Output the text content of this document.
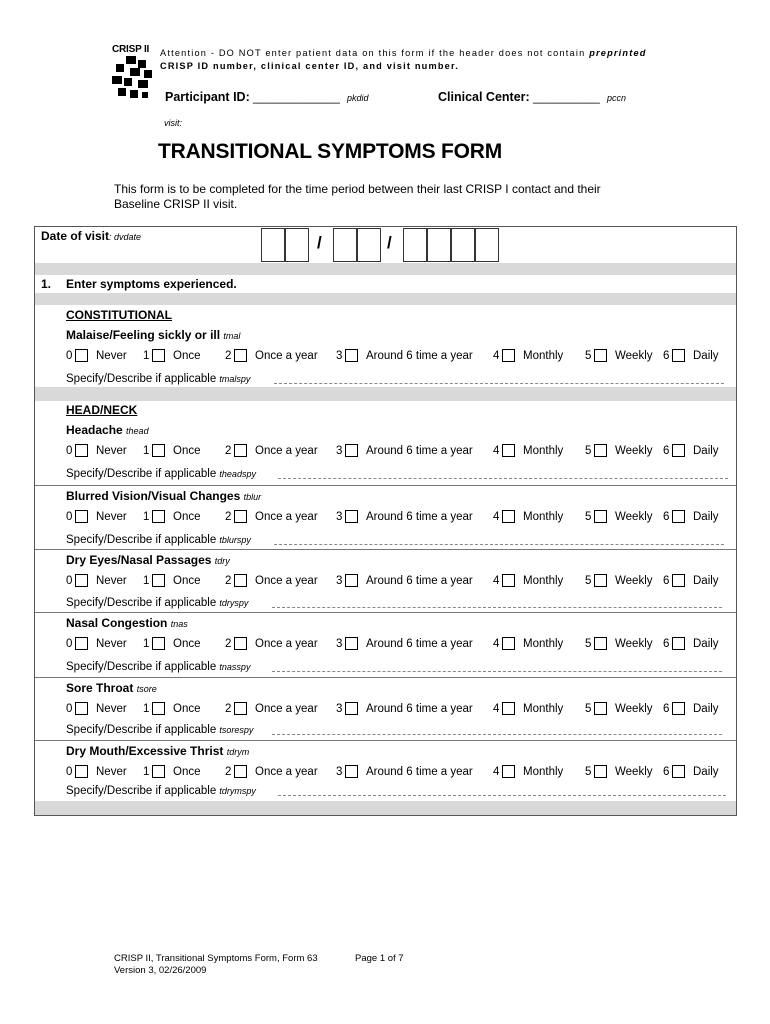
CRISP II Attention - DO NOT enter patient data on this form if the header does not contain preprinted CRISP ID number, clinical center ID, and visit number.
Participant ID: _____________ pkdid	Clinical Center: __________ pccn
visit:
TRANSITIONAL SYMPTOMS FORM
This form is to be completed for the time period between their last CRISP I contact and their Baseline CRISP II visit.
Date of visit: dvdate	/	/
1. Enter symptoms experienced.
CONSTITUTIONAL
Malaise/Feeling sickly or ill tmal
0 Never 1 Once 2 Once a year 3 Around 6 time a year 4 Monthly 5 Weekly 6 Daily
Specify/Describe if applicable tmalspy
HEAD/NECK
Headache thead
0 Never 1 Once 2 Once a year 3 Around 6 time a year 4 Monthly 5 Weekly 6 Daily
Specify/Describe if applicable theadspy
Blurred Vision/Visual Changes tblur
0 Never 1 Once 2 Once a year 3 Around 6 time a year 4 Monthly 5 Weekly 6 Daily
Specify/Describe if applicable tblurspy
Dry Eyes/Nasal Passages tdry
0 Never 1 Once 2 Once a year 3 Around 6 time a year 4 Monthly 5 Weekly 6 Daily
Specify/Describe if applicable tdryspy
Nasal Congestion tnas
0 Never 1 Once 2 Once a year 3 Around 6 time a year 4 Monthly 5 Weekly 6 Daily
Specify/Describe if applicable tnasspy
Sore Throat tsore
0 Never 1 Once 2 Once a year 3 Around 6 time a year 4 Monthly 5 Weekly 6 Daily
Specify/Describe if applicable tsorespy
Dry Mouth/Excessive Thrist tdrym
0 Never 1 Once 2 Once a year 3 Around 6 time a year 4 Monthly 5 Weekly 6 Daily
Specify/Describe if applicable tdrymspy
CRISP II, Transitional Symptoms Form, Form 63
Version 3, 02/26/2009
Page 1 of 7
